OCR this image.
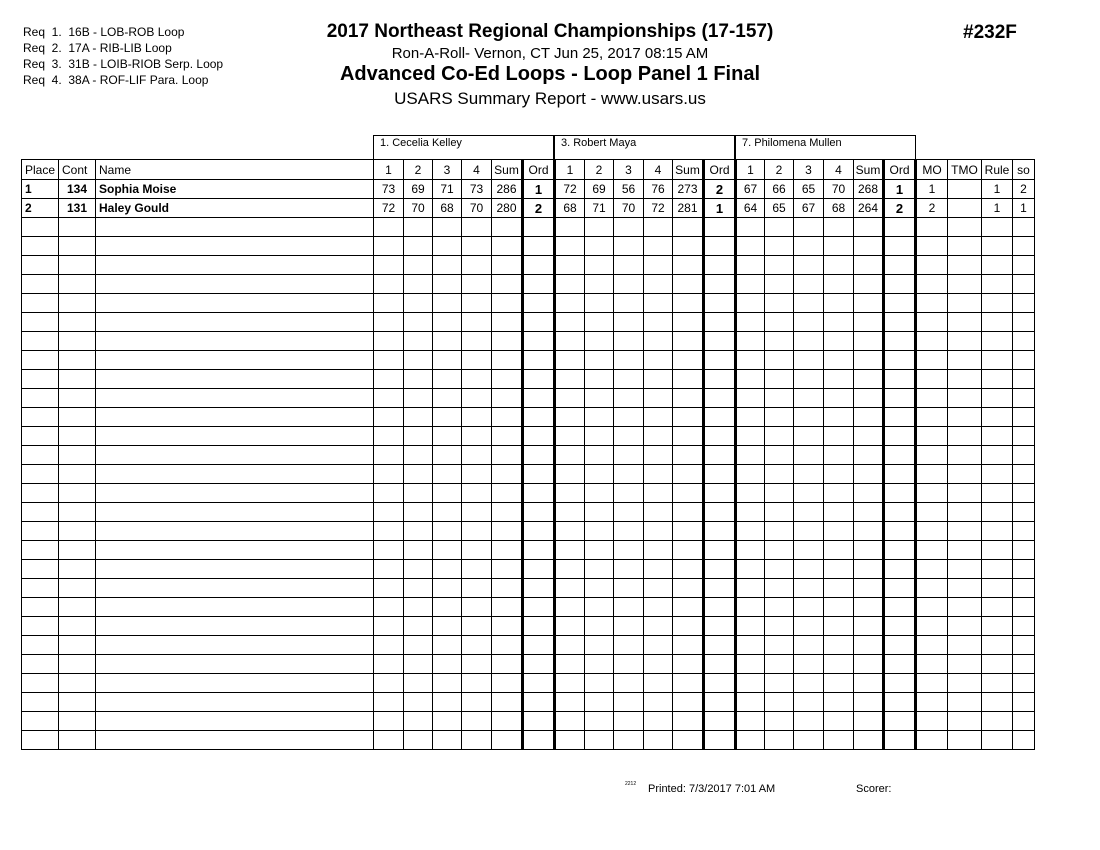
Req  1.  16B - LOB-ROB Loop
Req  2.  17A - RIB-LIB Loop
Req  3.  31B - LOIB-RIOB Serp. Loop
Req  4.  38A - ROF-LIF Para. Loop
2017 Northeast Regional Championships (17-157)
Ron-A-Roll- Vernon, CT Jun 25, 2017 08:15 AM
Advanced Co-Ed Loops - Loop Panel 1 Final
USARS Summary Report - www.usars.us
#232F
1. Cecelia Kelley	3. Robert Maya	7. Philomena Mullen
Place	Cont	Name	1	2	3	4	Sum	Ord	1	2	3	4	Sum	Ord	1	2	3	4	Sum	Ord	MO	TMO	Rule	so
1	134	Sophia Moise	73	69	71	73	286	1	72	69	56	76	273	2	67	66	65	70	268	1	1		1	2
2	131	Haley Gould	72	70	68	70	280	2	68	71	70	72	281	1	64	65	67	68	264	2	2		1	1

2212 Printed: 7/3/2017 7:01 AM	Scorer:
